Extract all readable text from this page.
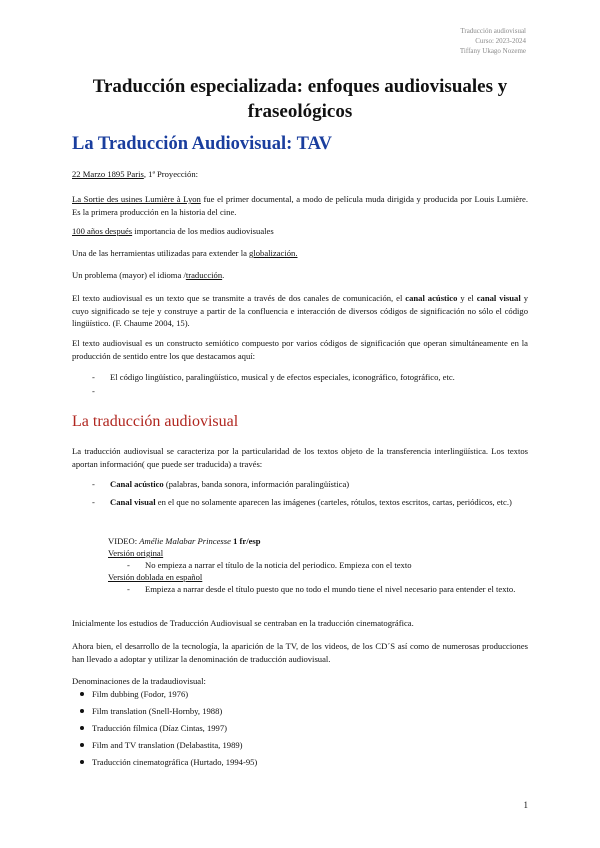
Traducción audiovisual
Curso: 2023-2024
Tiffany Ukago Nozeme
Traducción especializada: enfoques audiovisuales y
fraseológicos
La Traducción Audiovisual: TAV
22 Marzo 1895 Paris, 1ª Proyección:
La Sortie des usines Lumière à Lyon fue el primer documental, a modo de película muda dirigida y producida por Louis Lumière. Es la primera producción en la historia del cine.
100 años después importancia de los medios audiovisuales
Una de las herramientas utilizadas para extender la globalización.
Un problema (mayor) el idioma /traducción.
El texto audiovisual es un texto que se transmite a través de dos canales de comunicación, el canal acústico y el canal visual y cuyo significado se teje y construye a partir de la confluencia e interacción de diversos códigos de significación no sólo el código lingüístico. (F. Chaume 2004, 15).
El texto audiovisual es un constructo semiótico compuesto por varios códigos de significación que operan simultáneamente en la producción de sentido entre los que destacamos aquí:
- El código lingüístico, paralingüístico, musical y de efectos especiales, iconográfico, fotográfico, etc.
-
La traducción audiovisual
La traducción audiovisual se caracteriza por la particularidad de los textos objeto de la transferencia interlingüística. Los textos aportan información( que puede ser traducida) a través:
- Canal acústico (palabras, banda sonora, información paralingüística)
- Canal visual en el que no solamente aparecen las imágenes (carteles, rótulos, textos escritos, cartas, periódicos, etc.)
VIDEO: Amélie Malabar Princesse 1 fr/esp
Versión original
- No empieza a narrar el título de la noticia del periodico. Empieza con el texto
Versión doblada en español
- Empieza a narrar desde el título puesto que no todo el mundo tiene el nivel necesario para entender el texto.
Inicialmente los estudios de Traducción Audiovisual se centraban en la traducción cinematográfica.
Ahora bien, el desarrollo de la tecnología, la aparición de la TV, de los videos, de los CD´S así como de numerosas producciones han llevado a adoptar y utilizar la denominación de traducción audiovisual.
Denominaciones de la tradaudiovisual:
Film dubbing (Fodor, 1976)
Film translation (Snell-Hornby, 1988)
Traducción fílmica (Díaz Cintas, 1997)
Film and TV translation (Delabastita, 1989)
Traducción cinematográfica (Hurtado, 1994-95)
1
